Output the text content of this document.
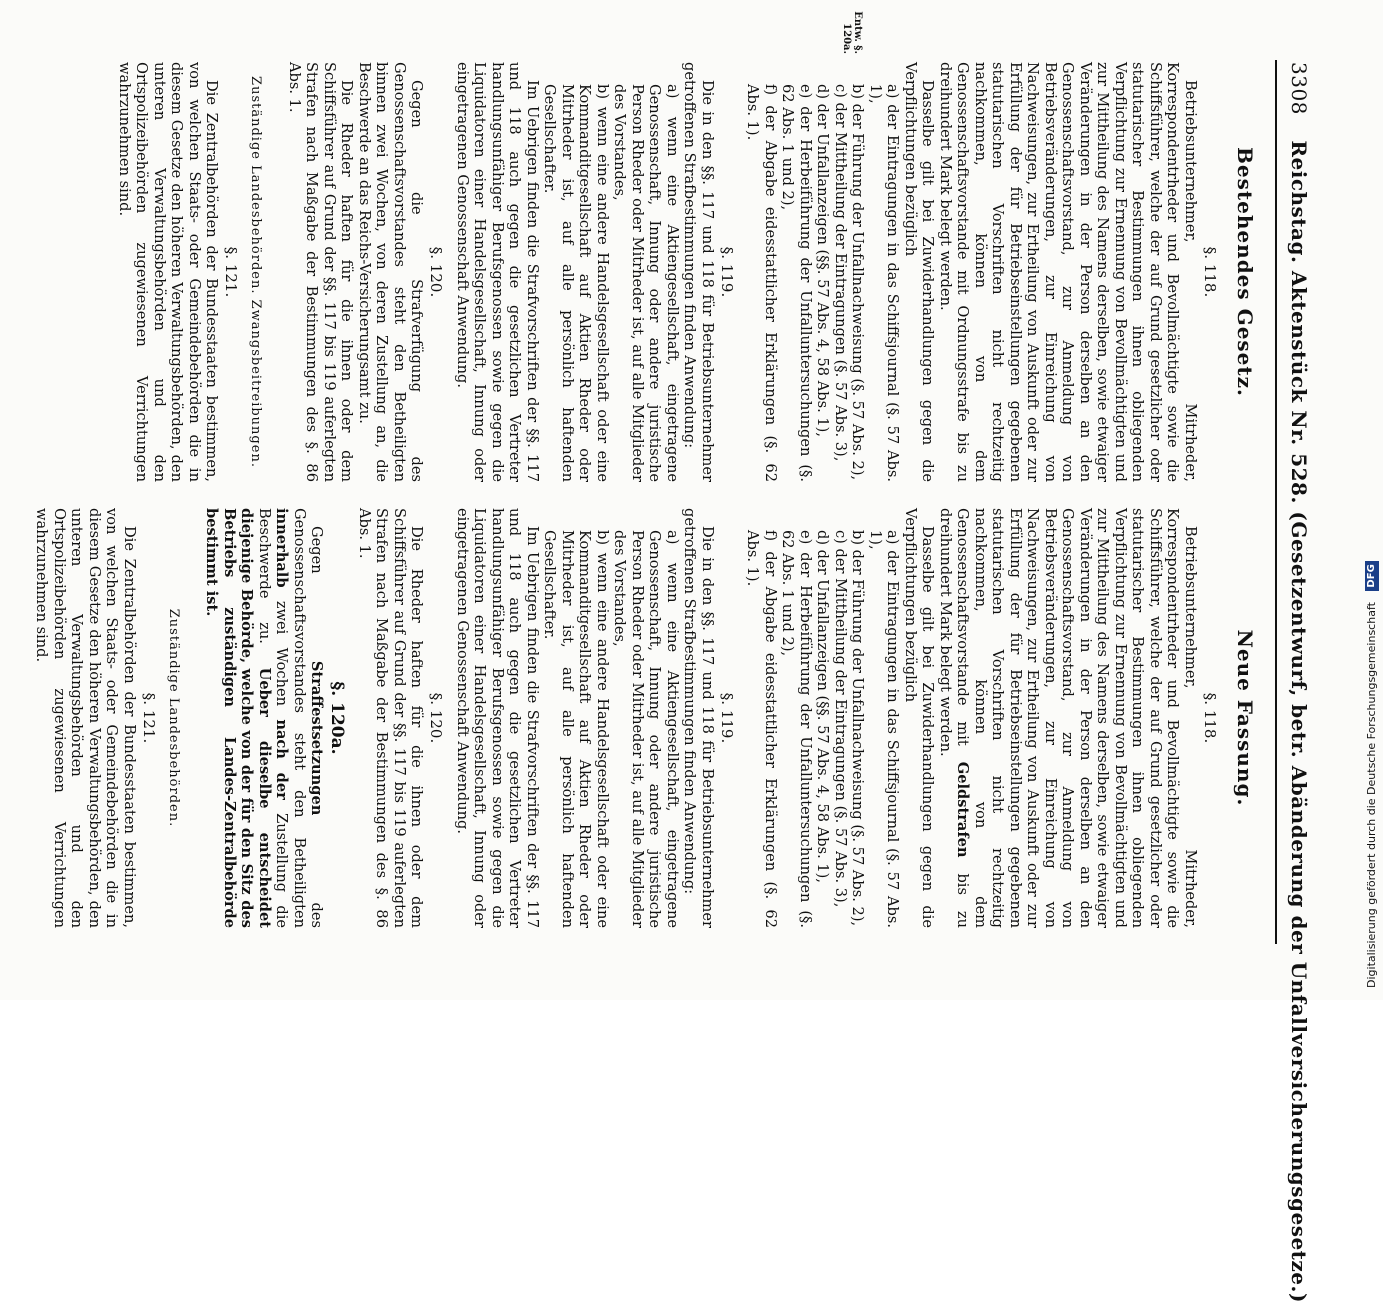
3308 Reichstag. Aktenstück Nr. 528. (Gesetzentwurf, betr. Abänderung der Unfallversicherungsgesetze.)
Entw. §. 120a.
Bestehendes Gesetz.
§. 118.

Betriebsunternehmer, Mitrheder, Korrespondentrheder und Bevollmächtigte sowie die Schiffsführer, welche der auf Grund gesetzlicher oder statutarischer Bestimmungen ihnen obliegenden Verpflichtung zur Ernennung von Bevollmächtigten und zur Mittheilung des Namens derselben, sowie etwaiger Veränderungen in der Person derselben an den Genossenschaftsvorstand, zur Anmeldung von Betriebsveränderungen, zur Einreichung von Nachweisungen, zur Ertheilung von Auskunft oder zur Erfüllung der für Betriebseinstellungen gegebenen statutarischen Vorschriften nicht rechtzeitig nachkommen, können von dem Genossenschaftsvorstande mit Ordnungsstrafe bis zu dreihundert Mark belegt werden.

Dasselbe gilt bei Zuwiderhandlungen gegen die Verpflichtungen bezüglich

a) der Eintragungen in das Schiffsjournal (§. 57 Abs. 1),
b) der Führung der Unfallnachweisung (§. 57 Abs. 2),
c) der Mittheilung der Eintragungen (§. 57 Abs. 3),
d) der Unfallanzeigen (§§. 57 Abs. 4, 58 Abs. 1),
e) der Herbeiführung der Unfalluntersuchungen (§. 62 Abs. 1 und 2),
f) der Abgabe eidesstattlicher Erklärungen (§. 62 Abs. 1).
§. 119.

Die in den §§. 117 und 118 für Betriebsunternehmer getroffenen Strafbestimmungen finden Anwendung:

a) wenn eine Aktiengesellschaft, eingetragene Genossenschaft, Innung oder andere juristische Person Rheder oder Mitrheder ist, auf alle Mitglieder des Vorstandes,

b) wenn eine andere Handelsgesellschaft oder eine Kommanditgesellschaft auf Aktien Rheder oder Mitrheder ist, auf alle persönlich haftenden Gesellschafter.

Im Uebrigen finden die Strafvorschriften der §§. 117 und 118 auch gegen die gesetzlichen Vertreter handlungsunfähiger Berufsgenossen sowie gegen die Liquidatoren einer Handelsgesellschaft, Innung oder eingetragenen Genossenschaft Anwendung.

§. 120.

Gegen die Strafverfügung des Genossenschaftsvorstandes steht den Betheiligten binnen zwei Wochen, von deren Zustellung an, die Beschwerde an das Reichs-Versicherungsamt zu.

Die Rheder haften für die ihnen oder dem Schiffsführer auf Grund der §§. 117 bis 119 auferlegten Strafen nach Maßgabe der Bestimmungen des §. 86 Abs. 1.

Zuständige Landesbehörden. Zwangsbeitreibungen.
§. 121.

Die Zentralbehörden der Bundesstaaten bestimmen, von welchen Staats- oder Gemeindebehörden die in diesem Gesetze den höheren Verwaltungsbehörden, den unteren Verwaltungsbehörden und den Ortspolizeibehörden zugewiesenen Verrichtungen wahrzunehmen sind.

Neue Fassung.
§. 118.

Betriebsunternehmer, Mitrheder, Korrespondentrheder und Bevollmächtigte sowie die Schiffsführer, welche der auf Grund gesetzlicher oder statutarischer Bestimmungen ihnen obliegenden Verpflichtung zur Ernennung von Bevollmächtigten und zur Mittheilung des Namens derselben, sowie etwaiger Veränderungen in der Person derselben an den Genossenschaftsvorstand, zur Anmeldung von Betriebsveränderungen, zur Einreichung von Nachweisungen, zur Ertheilung von Auskunft oder zur Erfüllung der für Betriebseinstellungen gegebenen statutarischen Vorschriften nicht rechtzeitig nachkommen, können von dem Genossenschaftsvorstande mit Geldstrafen bis zu dreihundert Mark belegt werden.

Dasselbe gilt bei Zuwiderhandlungen gegen die Verpflichtungen bezüglich

a) der Eintragungen in das Schiffsjournal (§. 57 Abs. 1),
b) der Führung der Unfallnachweisung (§. 57 Abs. 2),
c) der Mittheilung der Eintragungen (§. 57 Abs. 3),
d) der Unfallanzeigen (§§. 57 Abs. 4, 58 Abs. 1),
e) der Herbeiführung der Unfalluntersuchungen (§. 62 Abs. 1 und 2),
f) der Abgabe eidesstattlicher Erklärungen (§. 62 Abs. 1).
§. 119.

Die in den §§. 117 und 118 für Betriebsunternehmer getroffenen Strafbestimmungen finden Anwendung:

a) wenn eine Aktiengesellschaft, eingetragene Genossenschaft, Innung oder andere juristische Person Rheder oder Mitrheder ist, auf alle Mitglieder des Vorstandes,

b) wenn eine andere Handelsgesellschaft oder eine Kommanditgesellschaft auf Aktien Rheder oder Mitrheder ist, auf alle persönlich haftenden Gesellschafter.

Im Uebrigen finden die Strafvorschriften der §§. 117 und 118 auch gegen die gesetzlichen Vertreter handlungsunfähiger Berufsgenossen sowie gegen die Liquidatoren einer Handelsgesellschaft, Innung oder eingetragenen Genossenschaft Anwendung.

§. 120.

Die Rheder haften für die ihnen oder dem Schiffsführer auf Grund der §§. 117 bis 119 auferlegten Strafen nach Maßgabe der Bestimmungen des §. 86 Abs. 1.

§. 120a.

Gegen Straffestsetzungen des Genossenschaftsvorstandes steht den Betheiligten innerhalb zwei Wochen nach der Zustellung die Beschwerde zu. Ueber dieselbe entscheidet diejenige Behörde, welche von der für den Sitz des Betriebs zuständigen Landes-Zentralbehörde bestimmt ist.

Zuständige Landesbehörden.
§. 121.

Die Zentralbehörden der Bundesstaaten bestimmen, von welchen Staats- oder Gemeindebehörden die in diesem Gesetze den höheren Verwaltungsbehörden, den unteren Verwaltungsbehörden und den Ortspolizeibehörden zugewiesenen Verrichtungen wahrzunehmen sind.

Digitalisierung gefördert durch die Deutsche Forschungsgemeinschaft DFG
